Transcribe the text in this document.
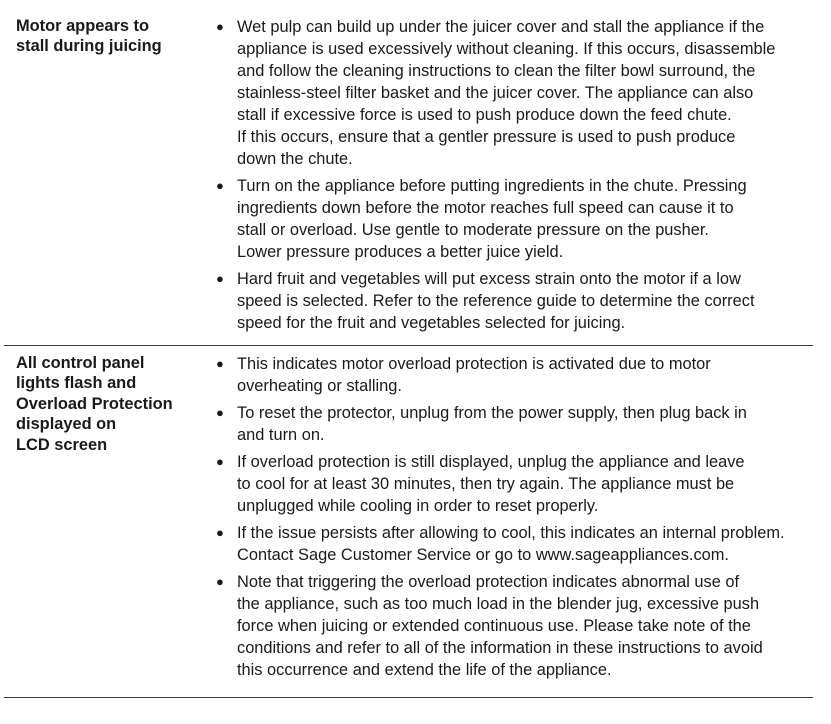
Motor appears to
stall during juicing
● Wet pulp can build up under the juicer cover and stall the appliance if the
appliance is used excessively without cleaning. If this occurs, disassemble
and follow the cleaning instructions to clean the filter bowl surround, the
stainless-steel filter basket and the juicer cover. The appliance can also
stall if excessive force is used to push produce down the feed chute.
If this occurs, ensure that a gentler pressure is used to push produce
down the chute.
● Turn on the appliance before putting ingredients in the chute. Pressing
ingredients down before the motor reaches full speed can cause it to
stall or overload. Use gentle to moderate pressure on the pusher.
Lower pressure produces a better juice yield.
● Hard fruit and vegetables will put excess strain onto the motor if a low
speed is selected. Refer to the reference guide to determine the correct
speed for the fruit and vegetables selected for juicing.
All control panel
lights flash and
Overload Protection
displayed on
LCD screen
● This indicates motor overload protection is activated due to motor
overheating or stalling.
● To reset the protector, unplug from the power supply, then plug back in
and turn on.
● If overload protection is still displayed, unplug the appliance and leave
to cool for at least 30 minutes, then try again. The appliance must be
unplugged while cooling in order to reset properly.
● If the issue persists after allowing to cool, this indicates an internal problem.
Contact Sage Customer Service or go to www.sageappliances.com.
● Note that triggering the overload protection indicates abnormal use of
the appliance, such as too much load in the blender jug, excessive push
force when juicing or extended continuous use. Please take note of the
conditions and refer to all of the information in these instructions to avoid
this occurrence and extend the life of the appliance.
